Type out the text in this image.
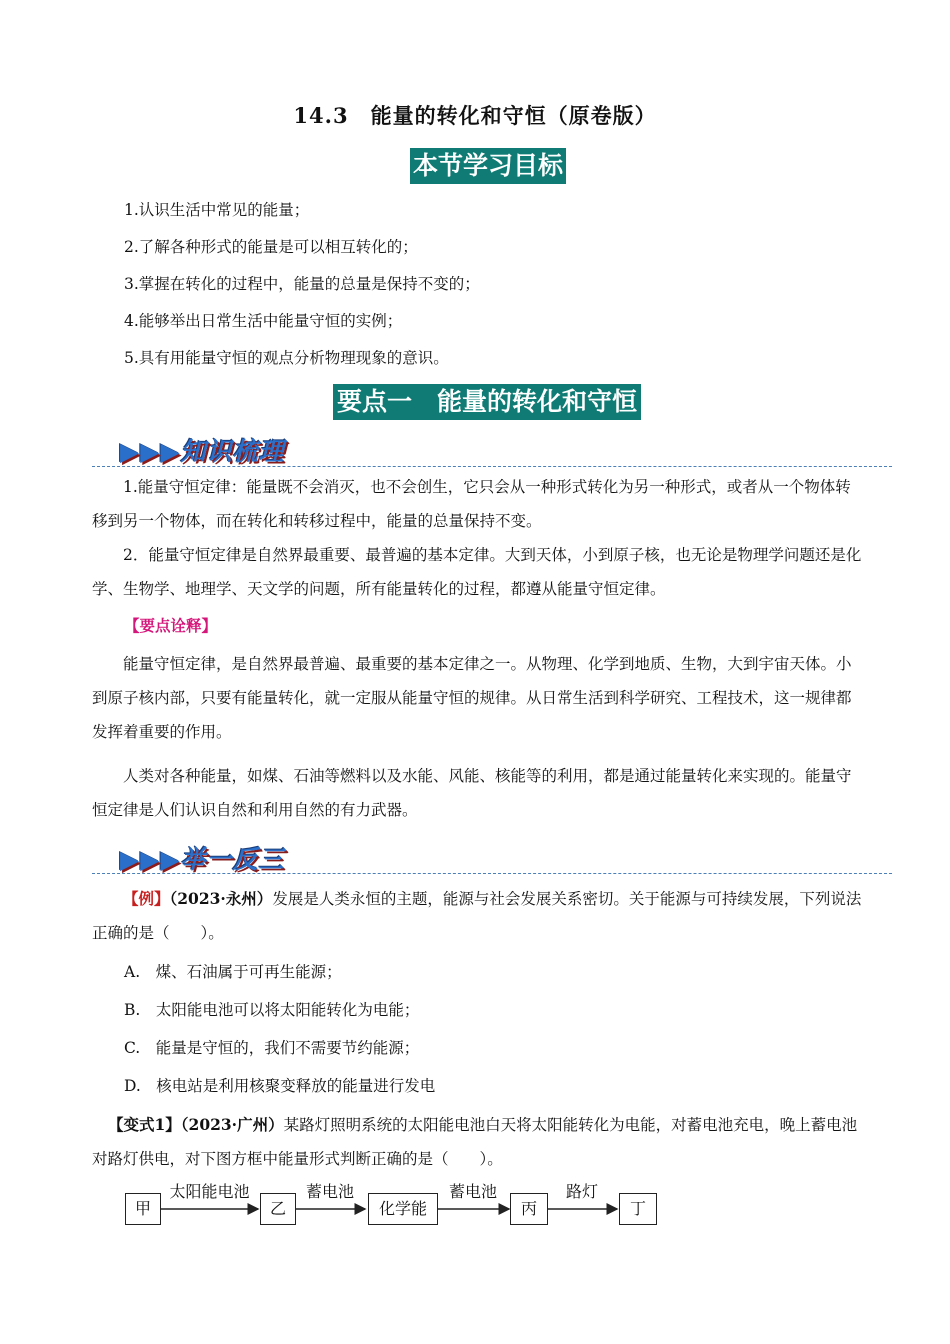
14.3　能量的转化和守恒（原卷版）
本节学习目标
1.认识生活中常见的能量；
2.了解各种形式的能量是可以相互转化的；
3.掌握在转化的过程中，能量的总量是保持不变的；
4.能够举出日常生活中能量守恒的实例；
5.具有用能量守恒的观点分析物理现象的意识。
要点一　能量的转化和守恒
▶▶▶知识梳理
1.能量守恒定律：能量既不会消灭，也不会创生，它只会从一种形式转化为另一种形式，或者从一个物体转移到另一个物体，而在转化和转移过程中，能量的总量保持不变。
2．能量守恒定律是自然界最重要、最普遍的基本定律。大到天体，小到原子核，也无论是物理学问题还是化学、生物学、地理学、天文学的问题，所有能量转化的过程，都遵从能量守恒定律。
【要点诠释】
能量守恒定律，是自然界最普遍、最重要的基本定律之一。从物理、化学到地质、生物，大到宇宙天体。小到原子核内部，只要有能量转化，就一定服从能量守恒的规律。从日常生活到科学研究、工程技术，这一规律都发挥着重要的作用。
人类对各种能量，如煤、石油等燃料以及水能、风能、核能等的利用，都是通过能量转化来实现的。能量守恒定律是人们认识自然和利用自然的有力武器。
▶▶▶举一反三
【例】（2023·永州）发展是人类永恒的主题，能源与社会发展关系密切。关于能源与可持续发展，下列说法正确的是（　　）。
A.　煤、石油属于可再生能源；
B.　太阳能电池可以将太阳能转化为电能；
C.　能量是守恒的，我们不需要节约能源；
D.　核电站是利用核聚变释放的能量进行发电
【变式1】（2023·广州）某路灯照明系统的太阳能电池白天将太阳能转化为电能，对蓄电池充电，晚上蓄电池对路灯供电，对下图方框中能量形式判断正确的是（　　）。
甲	乙	化学能	丙	丁
太阳能电池	蓄电池	蓄电池	路灯
